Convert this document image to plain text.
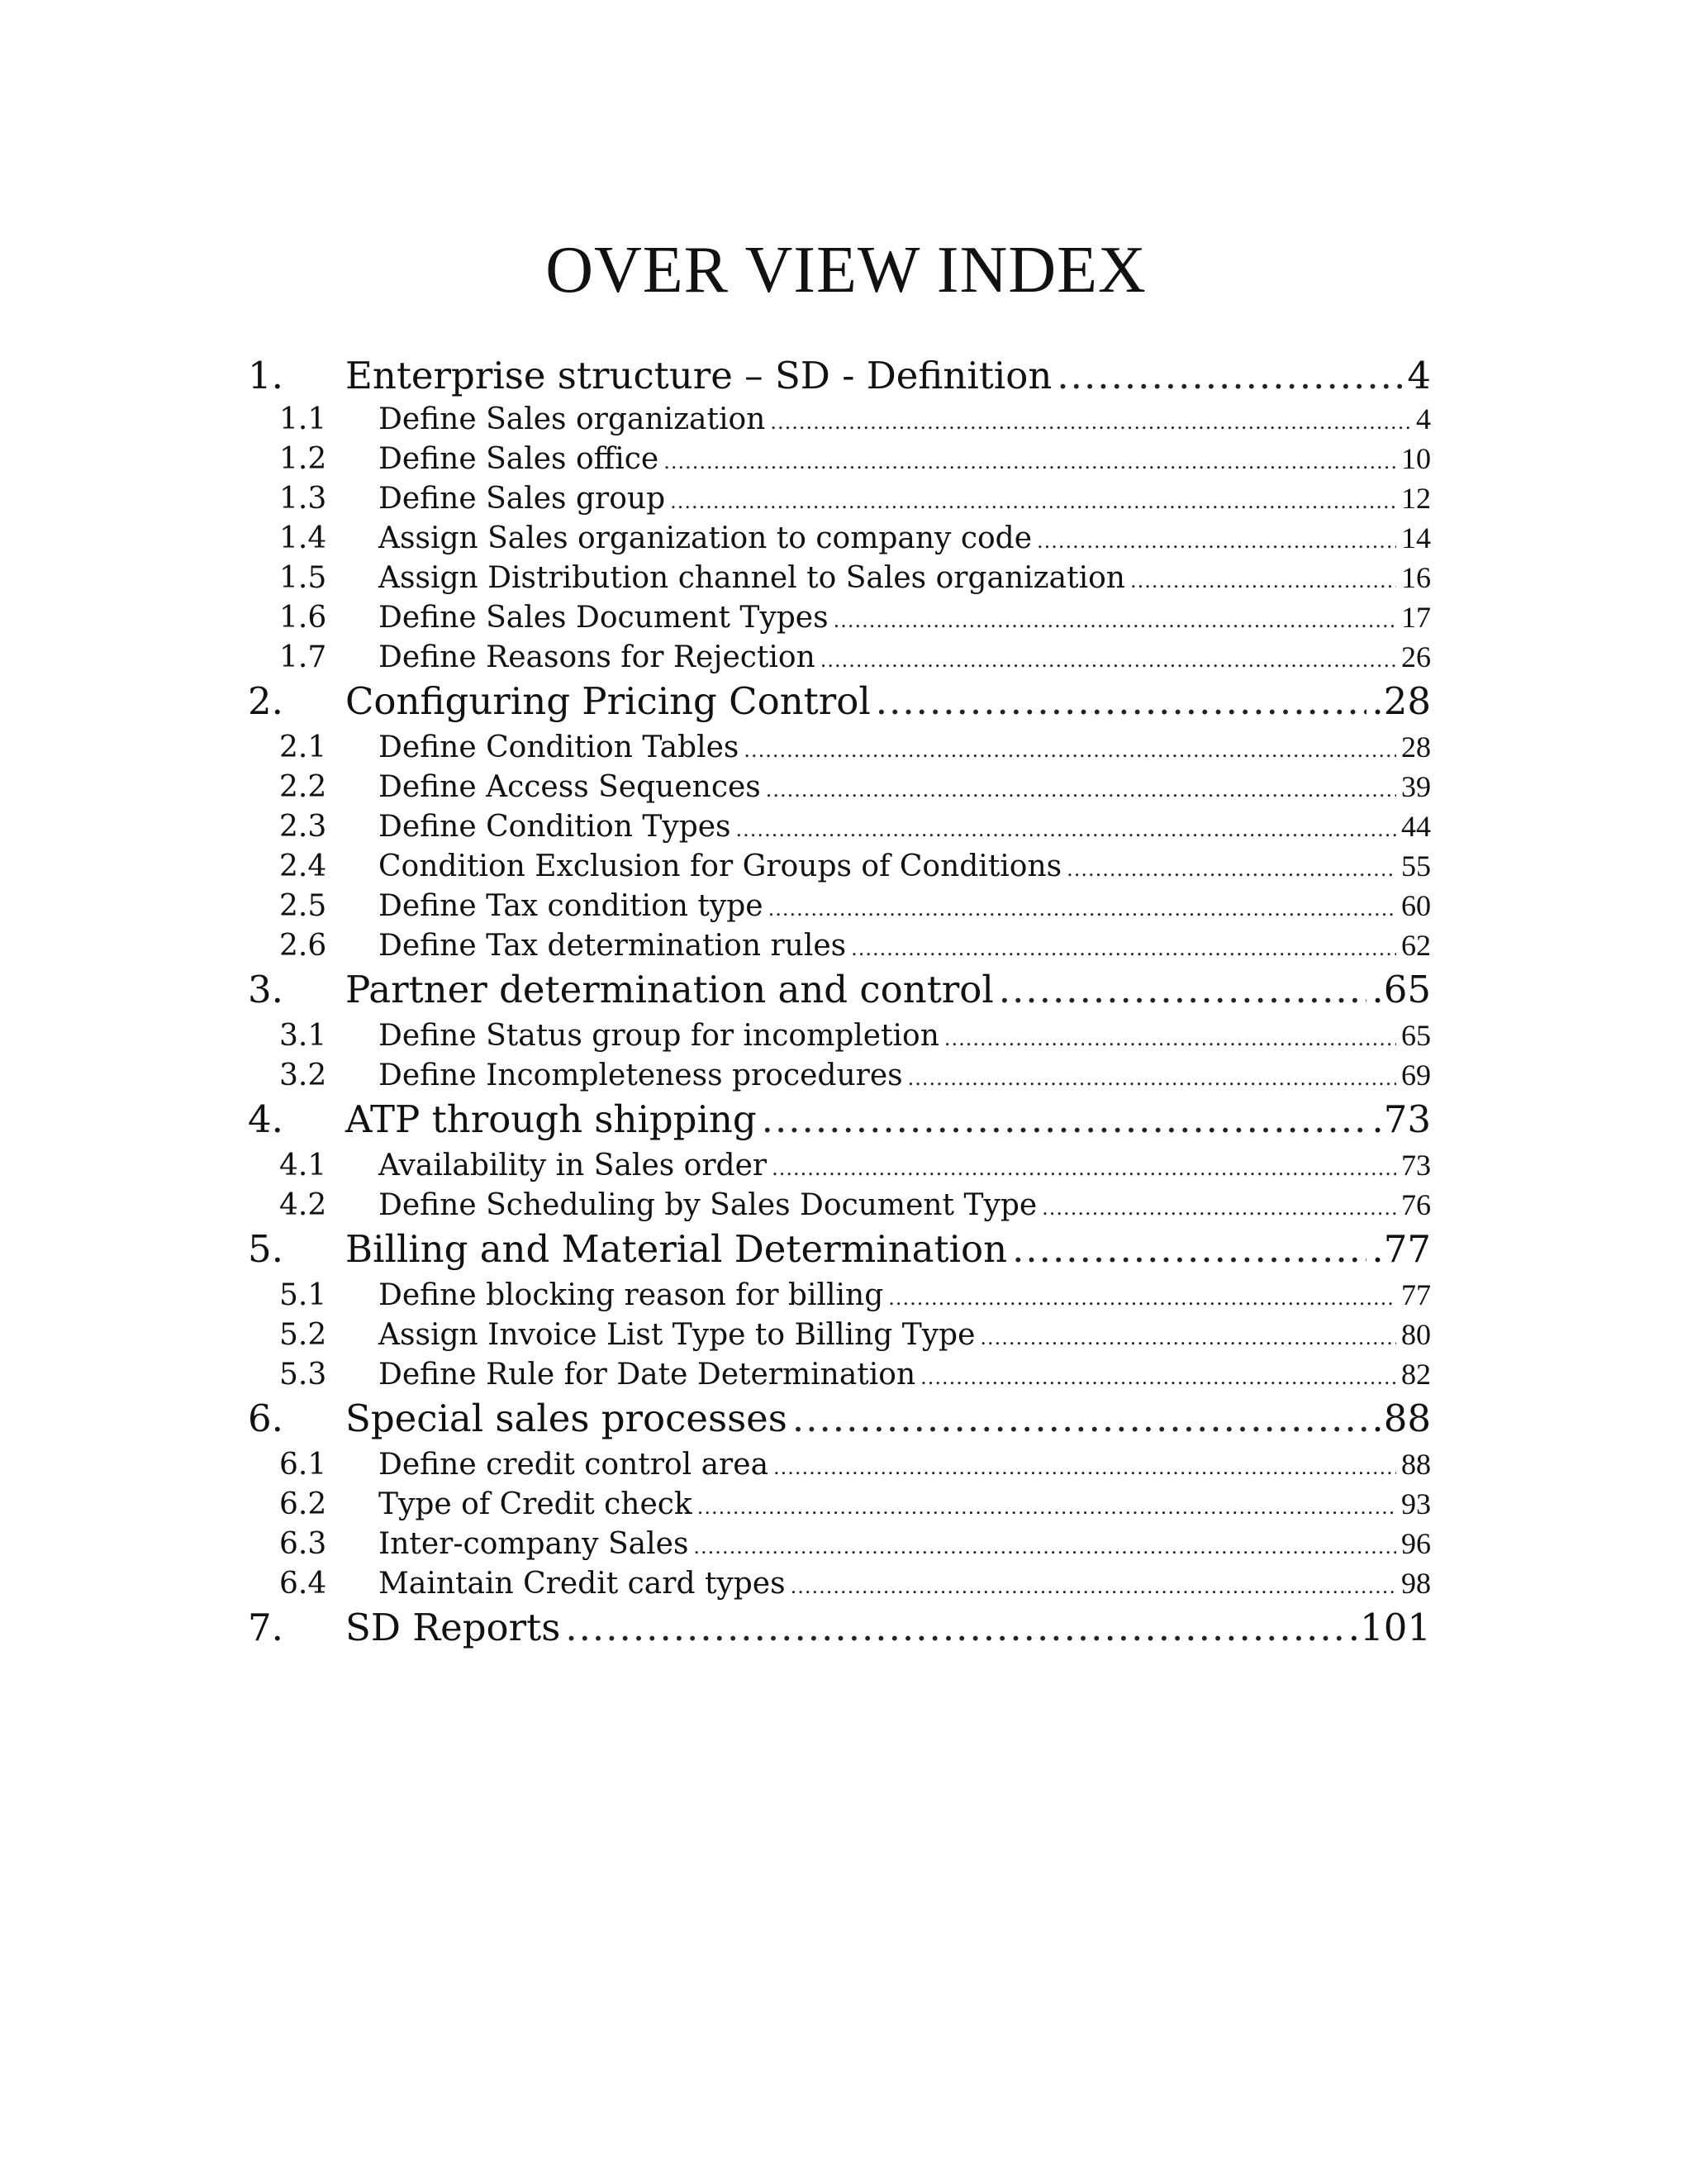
OVER VIEW INDEX
1.	Enterprise structure – SD - Definition .....	4
1.1	Define Sales organization .....	4
1.2	Define Sales office .....	10
1.3	Define Sales group .....	12
1.4	Assign Sales organization to company code .....	14
1.5	Assign Distribution channel to Sales organization .....	16
1.6	Define Sales Document Types .....	17
1.7	Define Reasons for Rejection .....	26
2.	Configuring Pricing Control .....	.28
2.1	Define Condition Tables .....	28
2.2	Define Access Sequences .....	39
2.3	Define Condition Types .....	44
2.4	Condition Exclusion for Groups of Conditions .....	55
2.5	Define Tax condition type .....	60
2.6	Define Tax determination rules .....	62
3.	Partner determination and control .....	.65
3.1	Define Status group for incompletion .....	65
3.2	Define Incompleteness procedures .....	69
4.	ATP through shipping .....	.73
4.1	Availability in Sales order .....	73
4.2	Define Scheduling by Sales Document Type .....	76
5.	Billing and Material Determination .....	.77
5.1	Define blocking reason for billing .....	77
5.2	Assign Invoice List Type to Billing Type .....	80
5.3	Define Rule for Date Determination .....	82
6.	Special sales processes .....	.88
6.1	Define credit control area .....	88
6.2	Type of Credit check .....	93
6.3	Inter-company Sales .....	96
6.4	Maintain Credit card types .....	98
7.	SD Reports .....	.101
